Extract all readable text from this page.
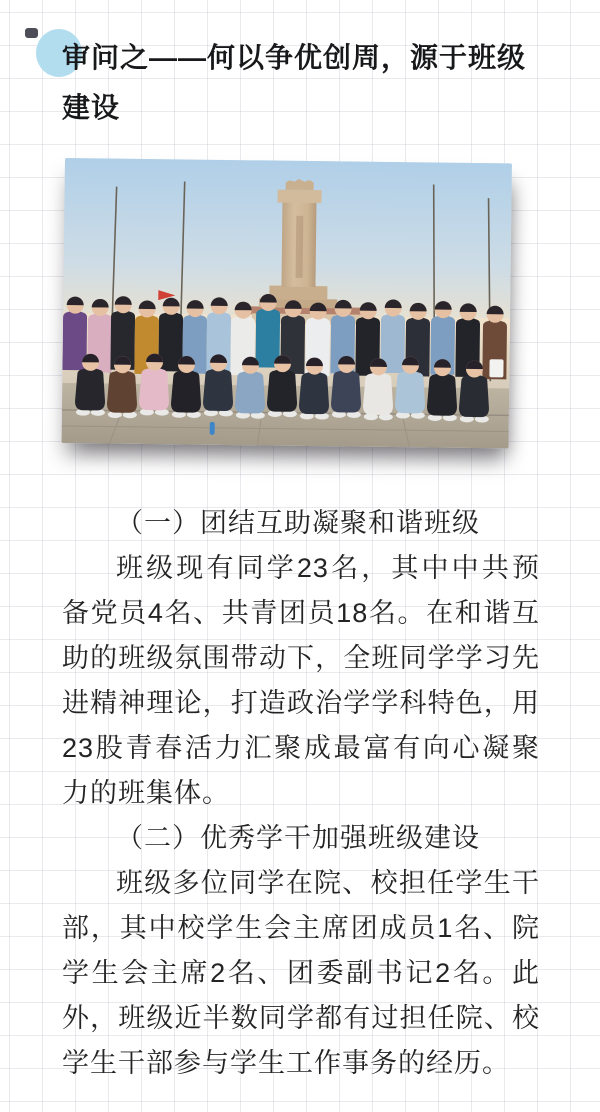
审问之——何以争优创周，源于班级建设

（一）团结互助凝聚和谐班级

班级现有同学23名，其中中共预备党员4名、共青团员18名。在和谐互助的班级氛围带动下，全班同学学习先进精神理论，打造政治学学科特色，用23股青春活力汇聚成最富有向心凝聚力的班集体。

（二）优秀学干加强班级建设

班级多位同学在院、校担任学生干部，其中校学生会主席团成员1名、院学生会主席2名、团委副书记2名。此外，班级近半数同学都有过担任院、校学生干部参与学生工作事务的经历。
